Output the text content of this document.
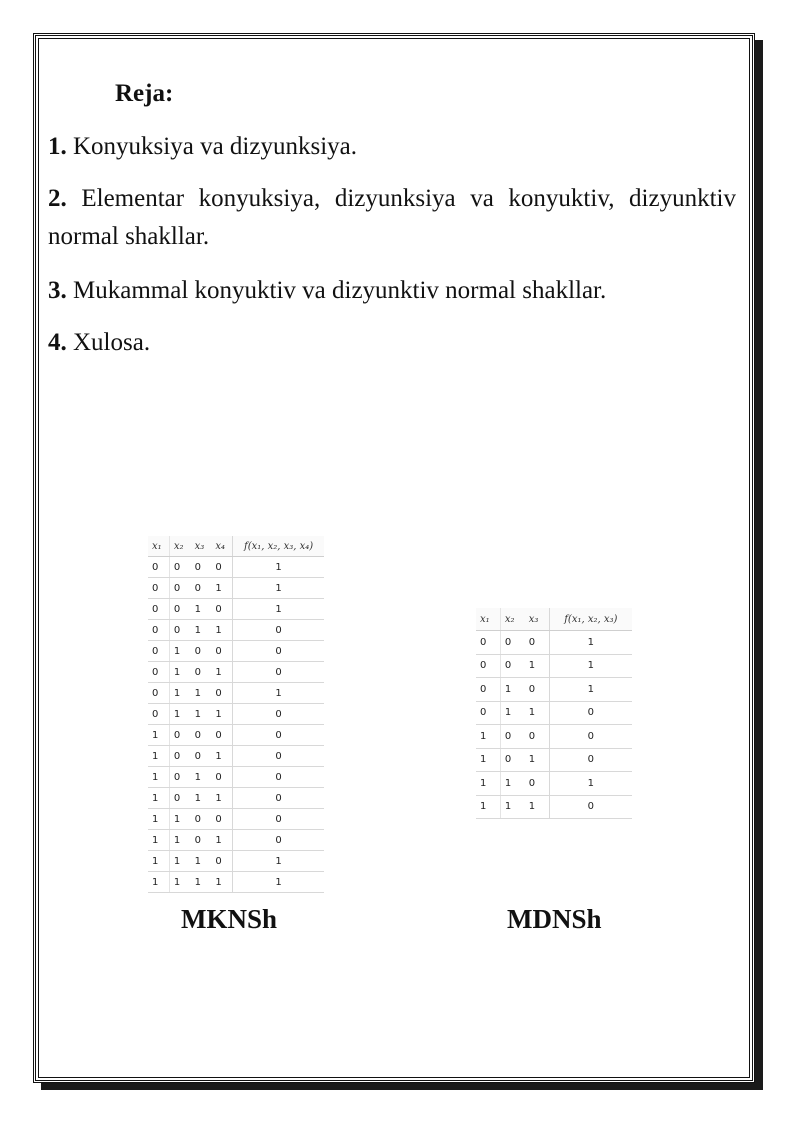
Reja:
1. Konyuksiya va dizyunksiya.
2. Elementar konyuksiya, dizyunksiya va konyuktiv, dizyunktiv normal shakllar.
3. Mukammal konyuktiv va dizyunktiv normal shakllar.
4. Xulosa.
x₁	x₂	x₃	x₄	f(x₁, x₂, x₃, x₄)
0	0	0	0	1
0	0	0	1	1
0	0	1	0	1
0	0	1	1	0
0	1	0	0	0
0	1	0	1	0
0	1	1	0	1
0	1	1	1	0
1	0	0	0	0
1	0	0	1	0
1	0	1	0	0
1	0	1	1	0
1	1	0	0	0
1	1	0	1	0
1	1	1	0	1
1	1	1	1	1
x₁	x₂	x₃	f(x₁, x₂, x₃)
0	0	0	1
0	0	1	1
0	1	0	1
0	1	1	0
1	0	0	0
1	0	1	0
1	1	0	1
1	1	1	0
MKNSh	MDNSh
